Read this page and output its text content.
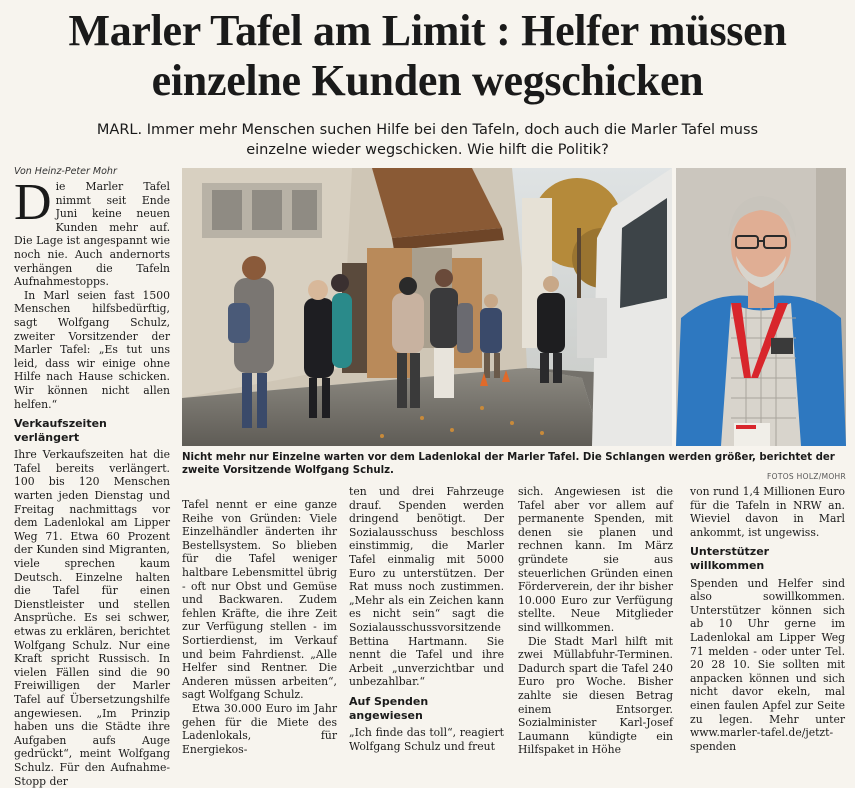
Marler Tafel am Limit : Helfer müssen
einzelne Kunden wegschicken
MARL. Immer mehr Menschen suchen Hilfe bei den Tafeln, doch auch die Marler Tafel muss einzelne wieder wegschicken. Wie hilft die Politik?
Von Heinz-Peter Mohr

Die Marler Tafel nimmt seit Ende Juni keine neuen Kunden mehr auf. Die Lage ist angespannt wie noch nie. Auch andernorts verhängen die Tafeln Aufnahmestopps.

In Marl seien fast 1500 Menschen hilfsbedürftig, sagt Wolfgang Schulz, zweiter Vorsitzender der Marler Tafel: „Es tut uns leid, dass wir einige ohne Hilfe nach Hause schicken. Wir können nicht allen helfen.“

Verkaufszeiten verlängert

Ihre Verkaufszeiten hat die Tafel bereits verlängert. 100 bis 120 Menschen warten jeden Dienstag und Freitag nachmittags vor dem Ladenlokal am Lipper Weg 71. Etwa 60 Prozent der Kunden sind Migranten, viele sprechen kaum Deutsch. Einzelne halten die Tafel für einen Dienstleister und stellen Ansprüche. Es sei schwer, etwas zu erklären, berichtet Wolfgang Schulz. Nur eine Kraft spricht Russisch. In vielen Fällen sind die 90 Freiwilligen der Marler Tafel auf Übersetzungshilfe angewiesen. „Im Prinzip haben uns die Städte ihre Aufgaben aufs Auge gedrückt“, meint Wolfgang Schulz. Für den Aufnahme-Stopp der

Nicht mehr nur Einzelne warten vor dem Ladenlokal der Marler Tafel. Die Schlangen werden größer, berichtet der zweite Vorsitzende Wolfgang Schulz.
FOTOS HOLZ/MOHR

Tafel nennt er eine ganze Reihe von Gründen: Viele Einzelhändler änderten ihr Bestellsystem. So blieben für die Tafel weniger haltbare Lebensmittel übrig - oft nur Obst und Gemüse und Backwaren. Zudem fehlen Kräfte, die ihre Zeit zur Verfügung stellen - im Sortierdienst, im Verkauf und beim Fahrdienst. „Alle Helfer sind Rentner. Die Anderen müssen arbeiten“, sagt Wolfgang Schulz.

Etwa 30.000 Euro im Jahr gehen für die Miete des Ladenlokals, für Energiekos-

ten und drei Fahrzeuge drauf. Spenden werden dringend benötigt. Der Sozialausschuss beschloss einstimmig, die Marler Tafel einmalig mit 5000 Euro zu unterstützen. Der Rat muss noch zustimmen. „Mehr als ein Zeichen kann es nicht sein“ sagt die Sozialausschussvorsitzende Bettina Hartmann. Sie nennt die Tafel und ihre Arbeit „unverzichtbar und unbezahlbar.“

Auf Spenden angewiesen

„Ich finde das toll“, reagiert Wolfgang Schulz und freut

sich. Angewiesen ist die Tafel aber vor allem auf permanente Spenden, mit denen sie planen und rechnen kann. Im März gründete sie aus steuerlichen Gründen einen Förderverein, der ihr bisher 10.000 Euro zur Verfügung stellte. Neue Mitglieder sind willkommen.

Die Stadt Marl hilft mit zwei Müllabfuhr-Terminen. Dadurch spart die Tafel 240 Euro pro Woche. Bisher zahlte sie diesen Betrag einem Entsorger. Sozialminister Karl-Josef Laumann kündigte ein Hilfspaket in Höhe

von rund 1,4 Millionen Euro für die Tafeln in NRW an. Wieviel davon in Marl ankommt, ist ungewiss.

Unterstützer willkommen

Spenden und Helfer sind also sowillkommen. Unterstützer können sich ab 10 Uhr gerne im Ladenlokal am Lipper Weg 71 melden - oder unter Tel. 20 28 10. Sie sollten mit anpacken können und sich nicht davor ekeln, mal einen faulen Apfel zur Seite zu legen. Mehr unter www.marler-tafel.de/jetzt-spenden
